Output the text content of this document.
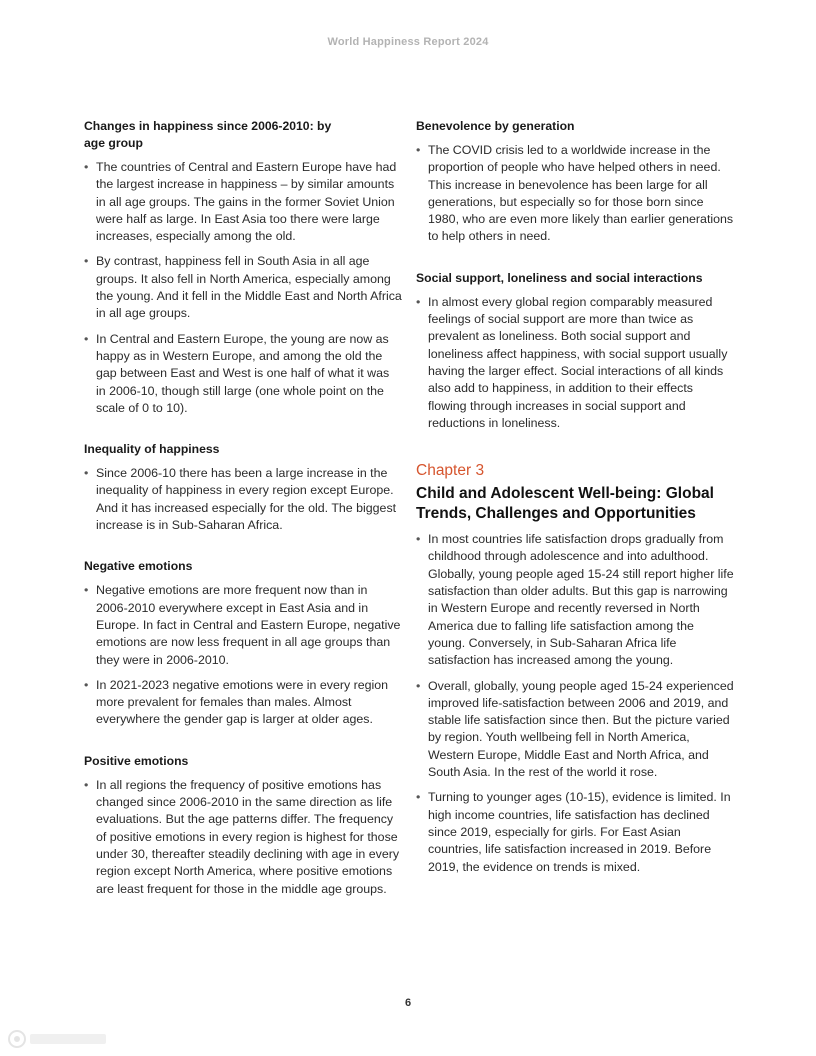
World Happiness Report 2024
Changes in happiness since 2006-2010: by age group
• The countries of Central and Eastern Europe have had the largest increase in happiness – by similar amounts in all age groups. The gains in the former Soviet Union were half as large. In East Asia too there were large increases, especially among the old.
• By contrast, happiness fell in South Asia in all age groups. It also fell in North America, especially among the young. And it fell in the Middle East and North Africa in all age groups.
• In Central and Eastern Europe, the young are now as happy as in Western Europe, and among the old the gap between East and West is one half of what it was in 2006-10, though still large (one whole point on the scale of 0 to 10).
Inequality of happiness
• Since 2006-10 there has been a large increase in the inequality of happiness in every region except Europe. And it has increased especially for the old. The biggest increase is in Sub-Saharan Africa.
Negative emotions
• Negative emotions are more frequent now than in 2006-2010 everywhere except in East Asia and in Europe. In fact in Central and Eastern Europe, negative emotions are now less frequent in all age groups than they were in 2006-2010.
• In 2021-2023 negative emotions were in every region more prevalent for females than males. Almost everywhere the gender gap is larger at older ages.
Positive emotions
• In all regions the frequency of positive emotions has changed since 2006-2010 in the same direction as life evaluations. But the age patterns differ. The frequency of positive emotions in every region is highest for those under 30, thereafter steadily declining with age in every region except North America, where positive emotions are least frequent for those in the middle age groups.
Benevolence by generation
• The COVID crisis led to a worldwide increase in the proportion of people who have helped others in need. This increase in benevolence has been large for all generations, but especially so for those born since 1980, who are even more likely than earlier generations to help others in need.
Social support, loneliness and social interactions
• In almost every global region comparably measured feelings of social support are more than twice as prevalent as loneliness. Both social support and loneliness affect happiness, with social support usually having the larger effect. Social interactions of all kinds also add to happiness, in addition to their effects flowing through increases in social support and reductions in loneliness.
Chapter 3
Child and Adolescent Well-being: Global Trends, Challenges and Opportunities
• In most countries life satisfaction drops gradually from childhood through adolescence and into adulthood. Globally, young people aged 15-24 still report higher life satisfaction than older adults. But this gap is narrowing in Western Europe and recently reversed in North America due to falling life satisfaction among the young. Conversely, in Sub-Saharan Africa life satisfaction has increased among the young.
• Overall, globally, young people aged 15-24 experienced improved life-satisfaction between 2006 and 2019, and stable life satisfaction since then. But the picture varied by region. Youth wellbeing fell in North America, Western Europe, Middle East and North Africa, and South Asia. In the rest of the world it rose.
• Turning to younger ages (10-15), evidence is limited. In high income countries, life satisfaction has declined since 2019, especially for girls. For East Asian countries, life satisfaction increased in 2019. Before 2019, the evidence on trends is mixed.
6
